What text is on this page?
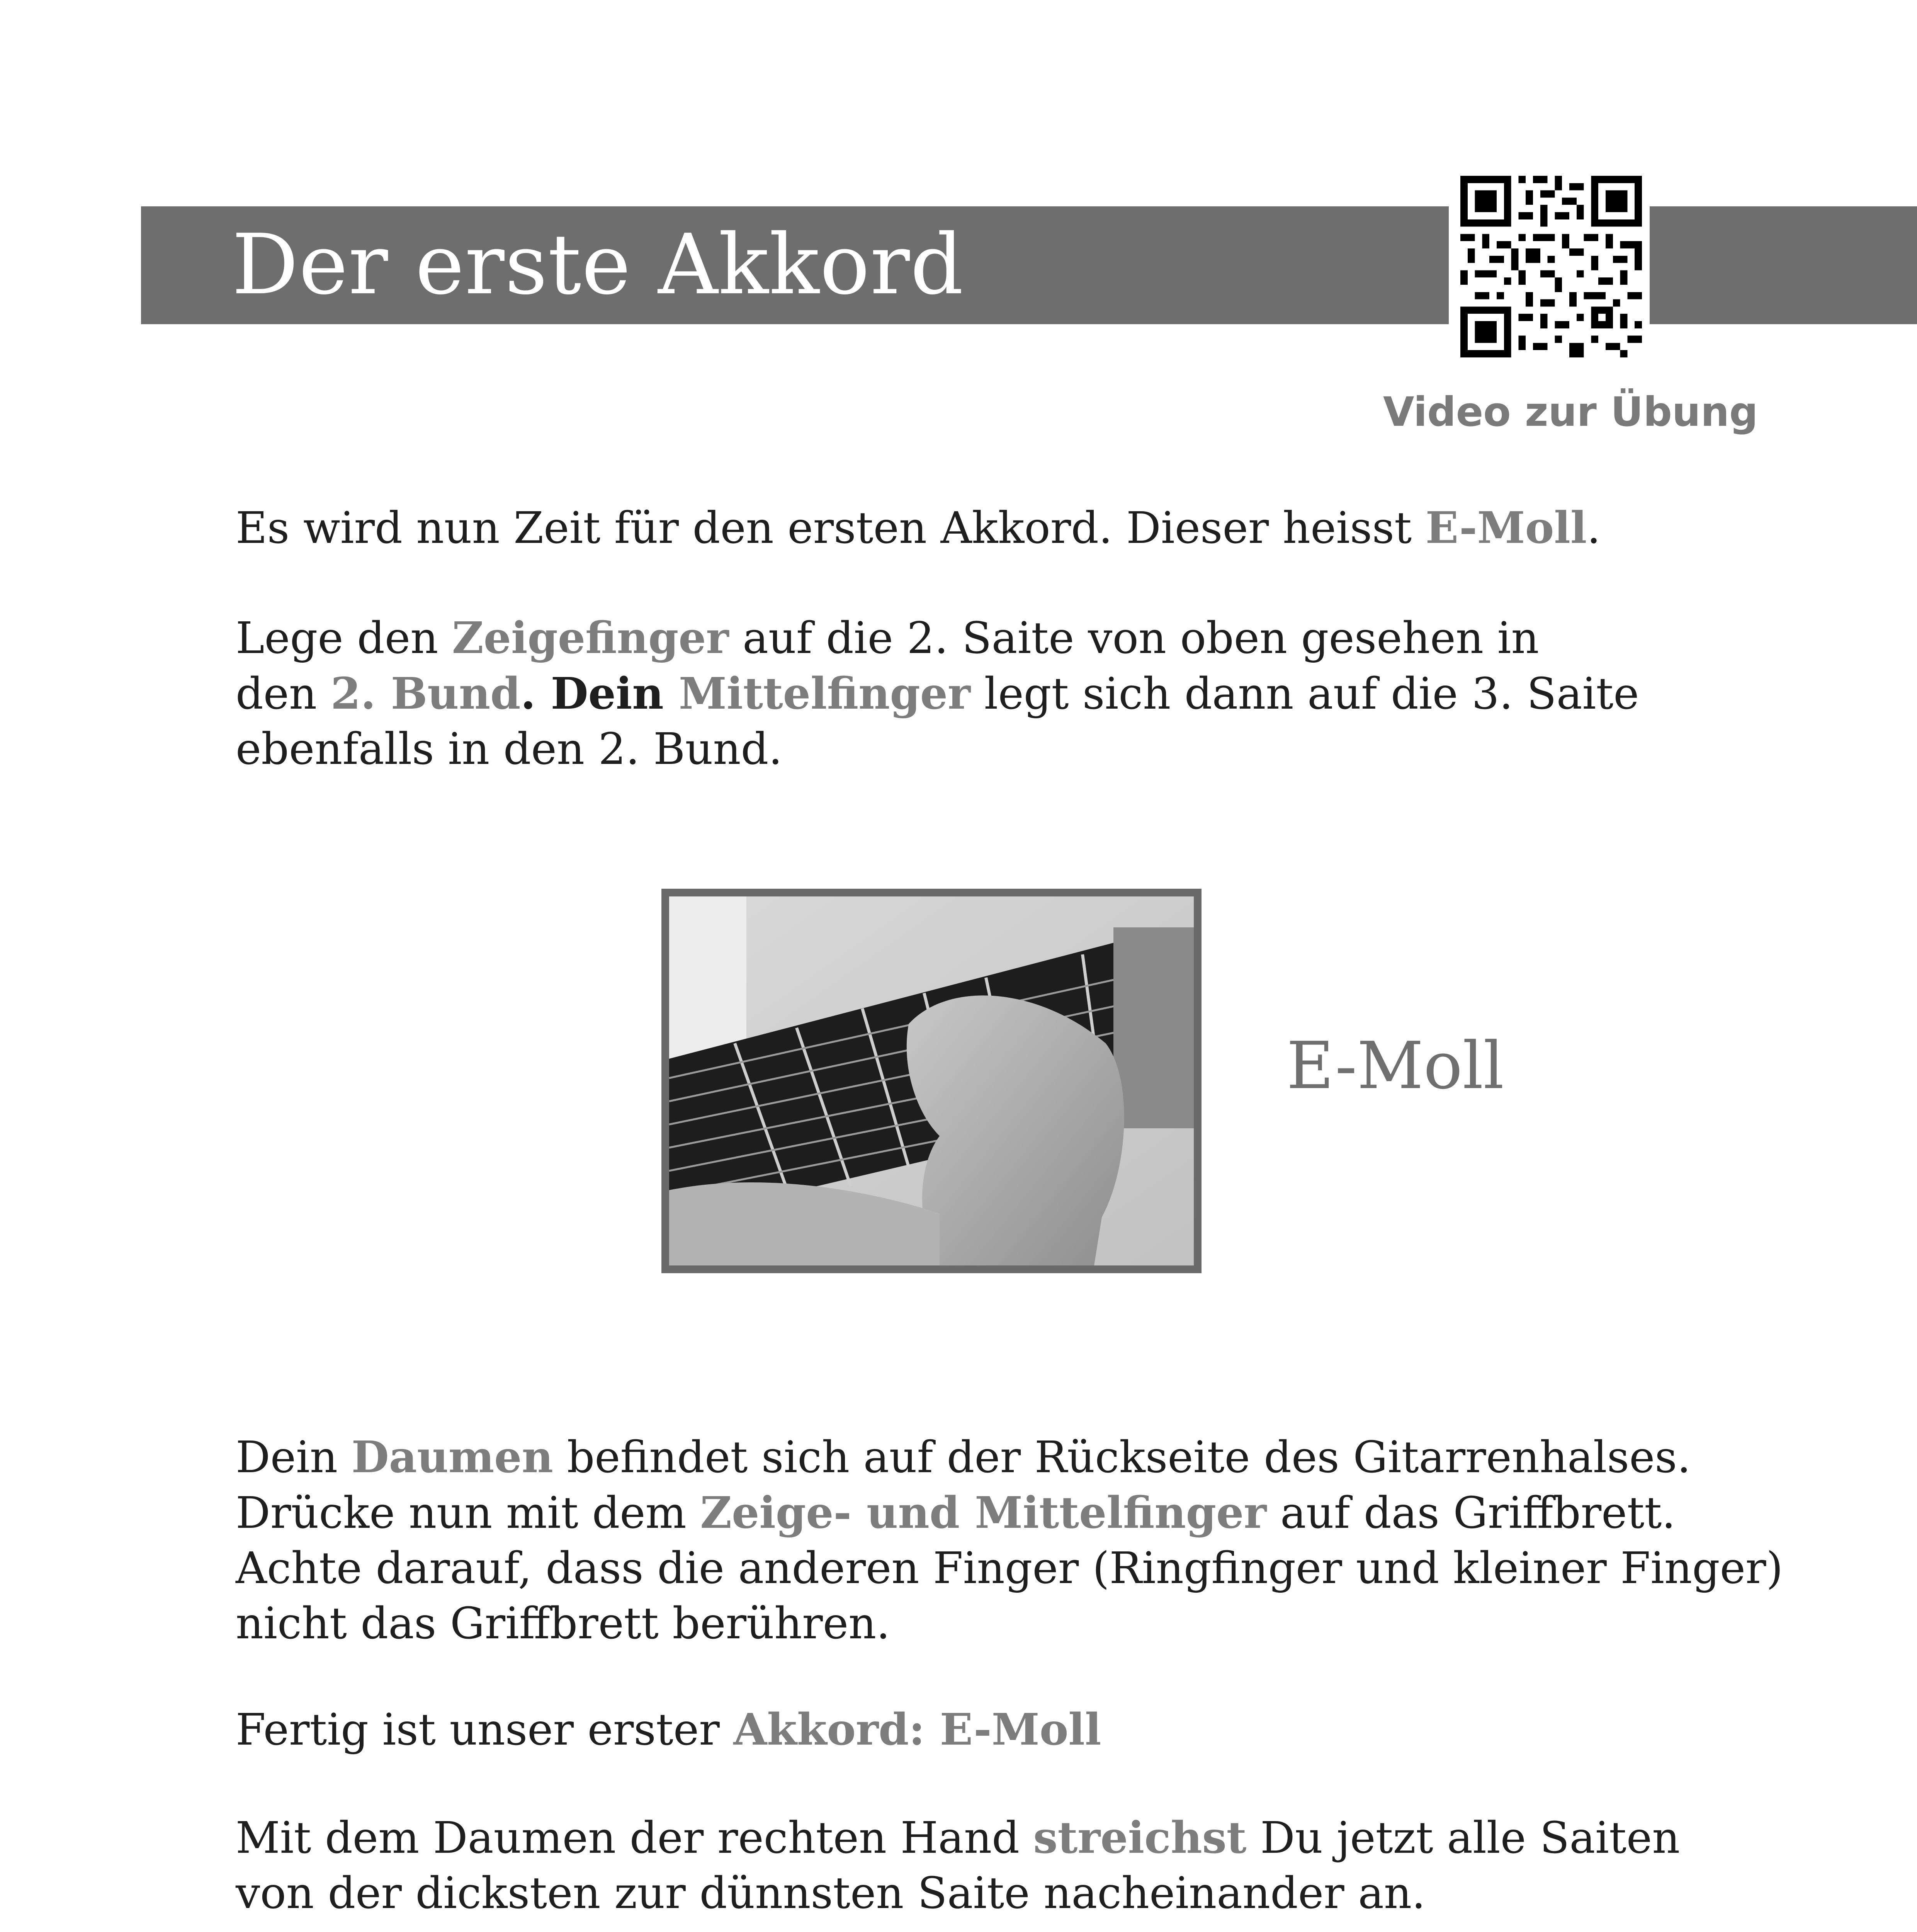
Der erste Akkord
Video zur Übung
Es wird nun Zeit für den ersten Akkord. Dieser heisst E-Moll.
Lege den Zeigefinger auf die 2. Saite von oben gesehen in
den 2. Bund. Dein Mittelfinger legt sich dann auf die 3. Saite
ebenfalls in den 2. Bund.
E-Moll
Dein Daumen befindet sich auf der Rückseite des Gitarrenhalses.
Drücke nun mit dem Zeige- und Mittelfinger auf das Griffbrett.
Achte darauf, dass die anderen Finger (Ringfinger und kleiner Finger)
nicht das Griffbrett berühren.
Fertig ist unser erster Akkord: E-Moll
Mit dem Daumen der rechten Hand streichst Du jetzt alle Saiten
von der dicksten zur dünnsten Saite nacheinander an.
